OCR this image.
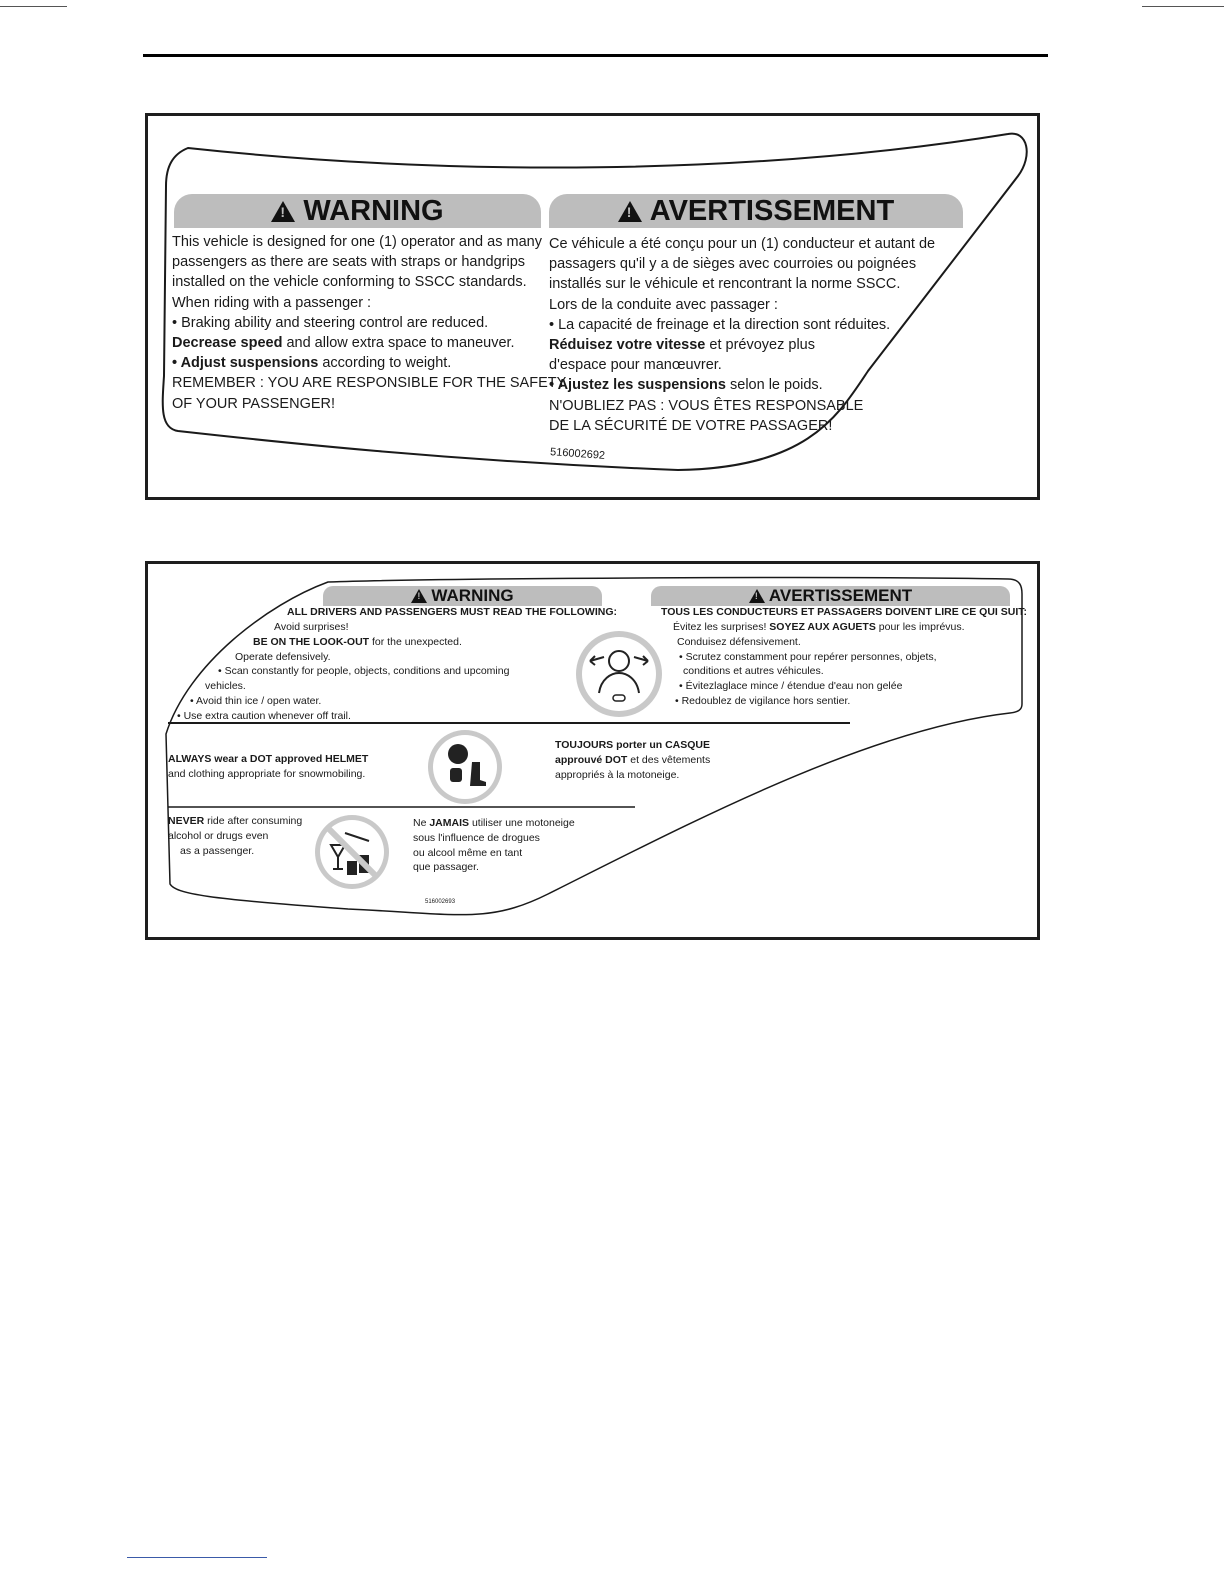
!
WARNING !	AVERTISSEMENT
This vehicle is designed for one (1) operator and as many
passengers as there are seats with straps or handgrips
installed on the vehicle conforming to SSCC standards.
When riding with a passenger :
• Braking ability and steering control are reduced.
Decrease speed and allow extra space to maneuver.
• Adjust suspensions according to weight.
REMEMBER : YOU ARE RESPONSIBLE FOR THE SAFETY
OF YOUR PASSENGER!
Ce véhicule a été conçu pour un (1) conducteur et autant de
passagers qu'il y a de sièges avec courroies ou poignées
installés sur le véhicule et rencontrant la norme SSCC.
Lors de la conduite avec passager :
• La capacité de freinage et la direction sont réduites.
Réduisez votre vitesse et prévoyez plus
d'espace pour manœuvrer.
• Ajustez les suspensions selon le poids.
N'OUBLIEZ PAS : VOUS ÊTES RESPONSABLE
DE LA SÉCURITÉ DE VOTRE PASSAGER!
516002692
!
WARNING !	AVERTISSEMENT
ALL DRIVERS AND PASSENGERS MUST READ THE FOLLOWING:
Avoid surprises!
BE ON THE LOOK-OUT for the unexpected.
Operate defensively.
• Scan constantly for people, objects, conditions and upcoming
vehicles.
• Avoid thin ice / open water.
• Use extra caution whenever off trail.
TOUS LES CONDUCTEURS ET PASSAGERS DOIVENT LIRE CE QUI SUIT:
Évitez les surprises! SOYEZ AUX AGUETS pour les imprévus.
Conduisez défensivement.
• Scrutez constamment pour repérer personnes, objets,
conditions et autres véhicules.
• Évitezlaglace mince / étendue d'eau non gelée
• Redoublez de vigilance hors sentier.
ALWAYS wear a DOT approved HELMET
and clothing appropriate for snowmobiling.
TOUJOURS porter un CASQUE
approuvé DOT et des vêtements
appropriés à la motoneige.
NEVER ride after consuming
alcohol or drugs even
as a passenger.
Ne JAMAIS utiliser une motoneige
sous l'influence de drogues
ou alcool même en tant
que passager.
516002693
